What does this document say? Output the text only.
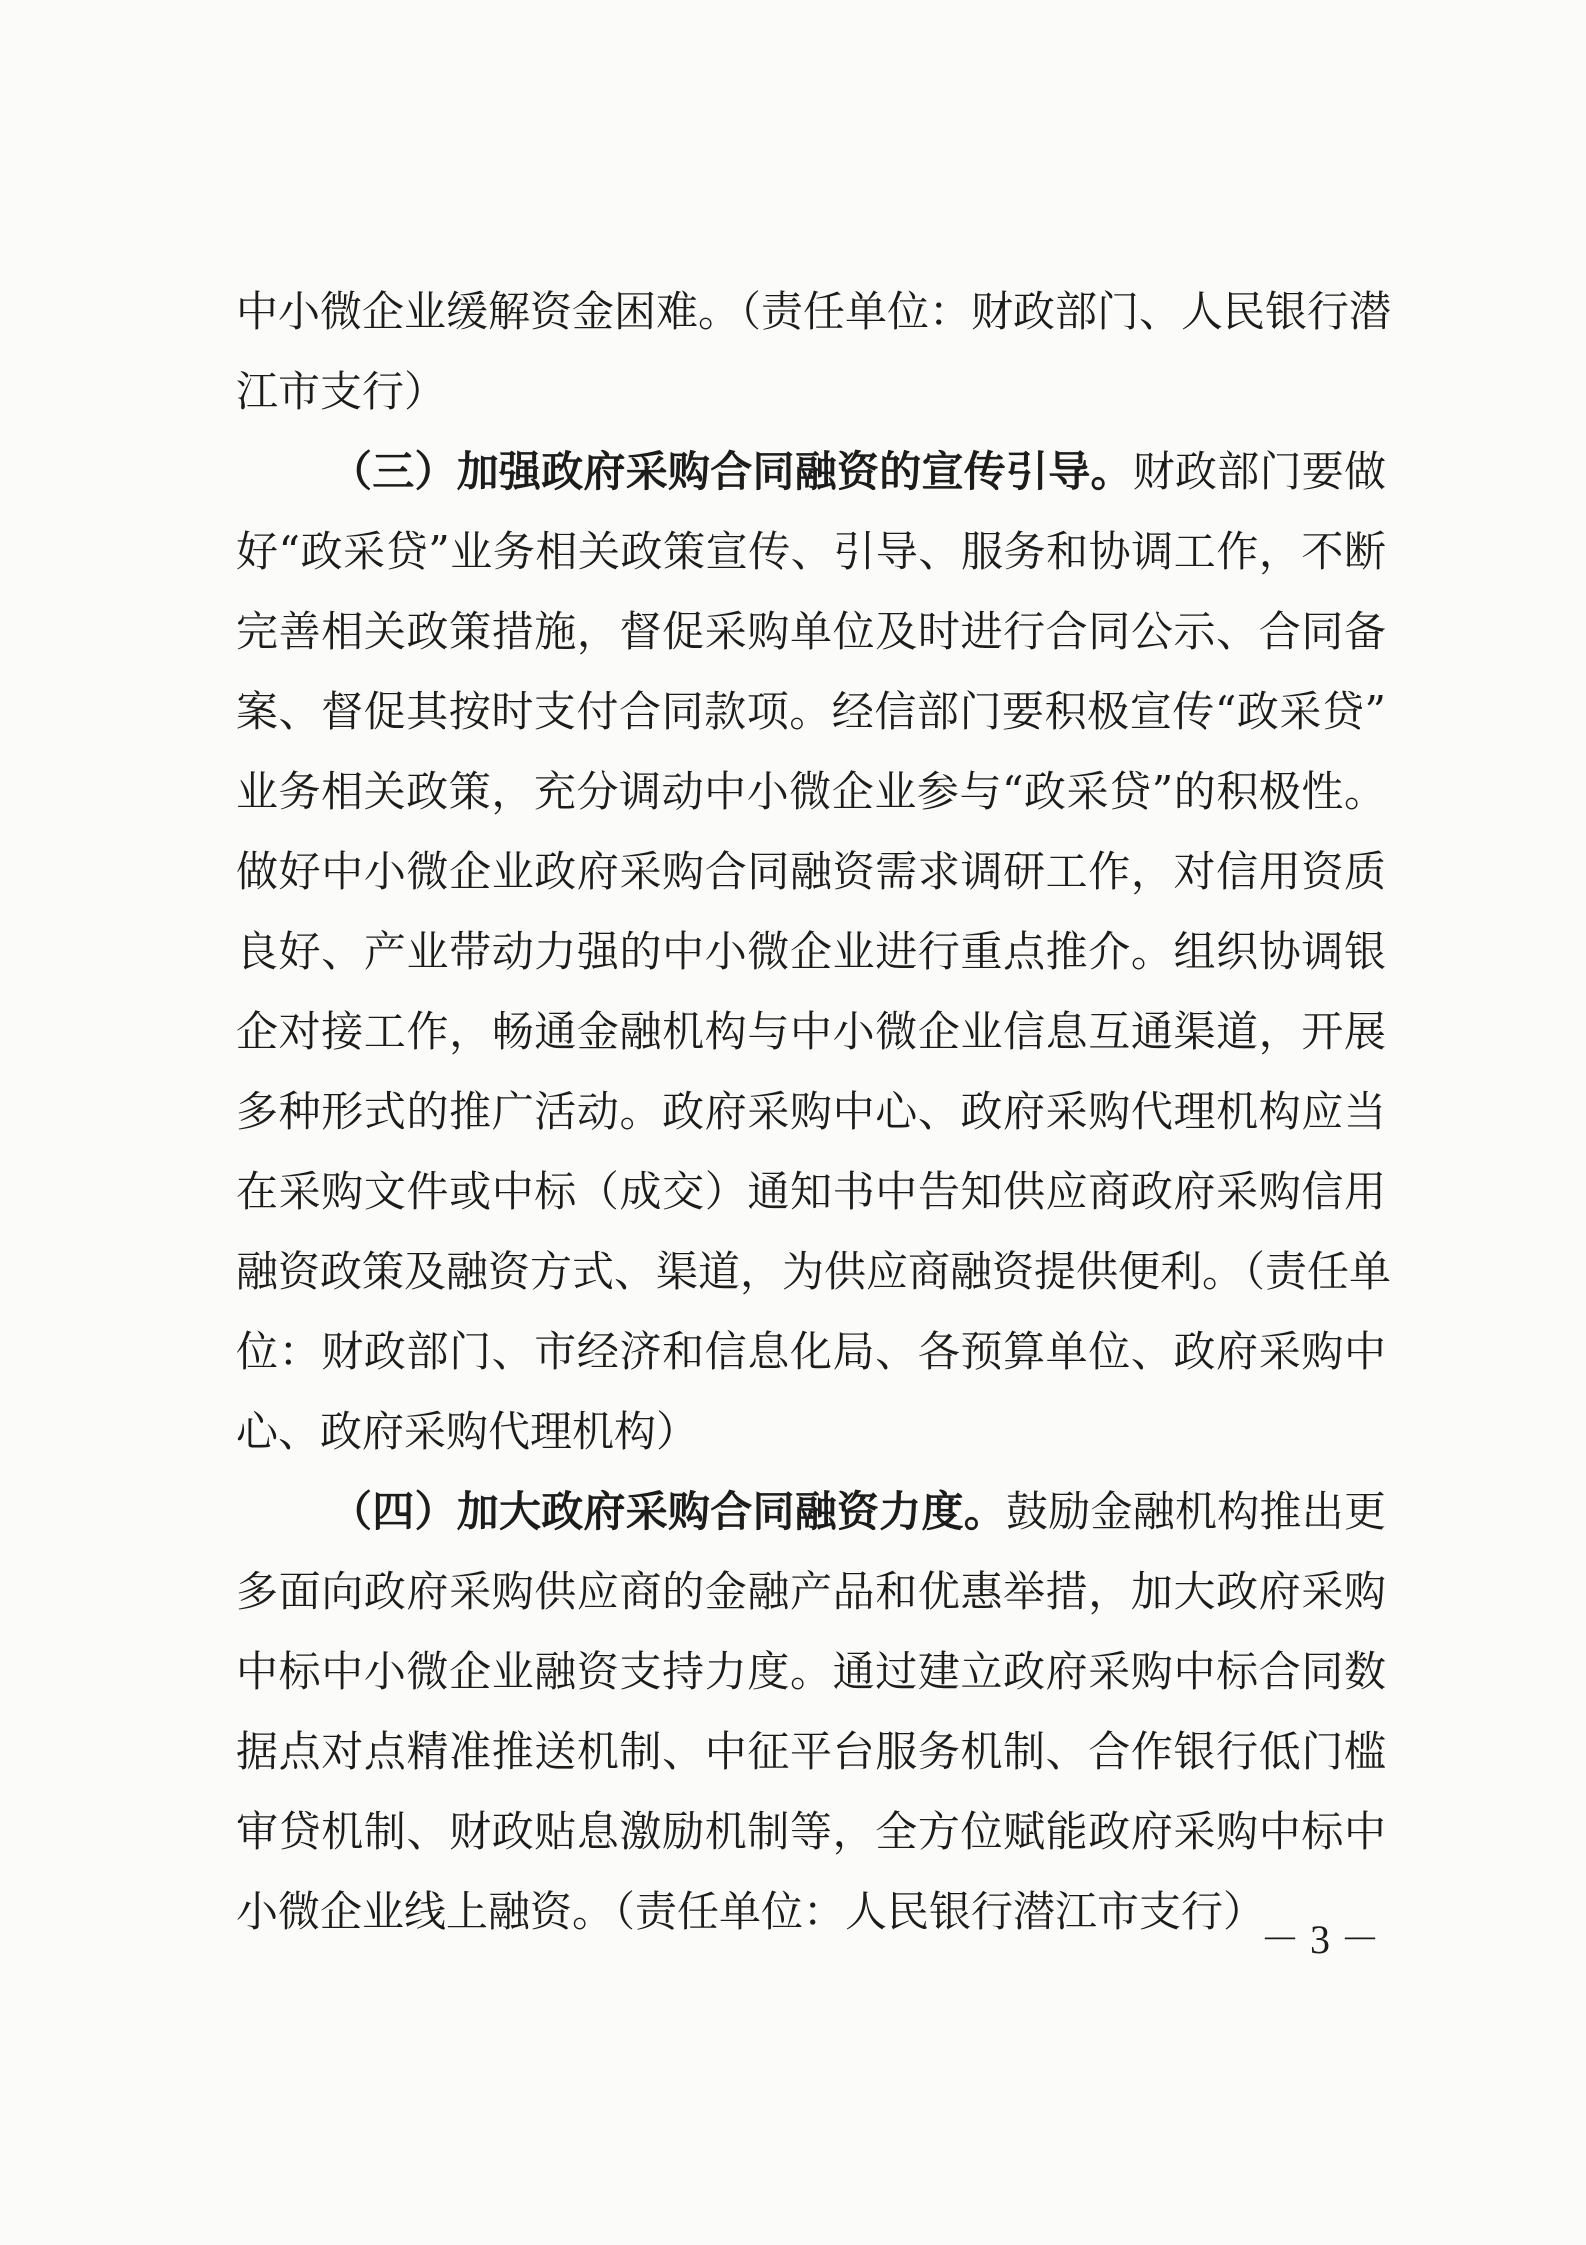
中小微企业缓解资金困难。（责任单位：财政部门、人民银行潜
江市支行）
（三）加强政府采购合同融资的宣传引导。财政部门要做
好“政采贷”业务相关政策宣传、引导、服务和协调工作，不断
完善相关政策措施，督促采购单位及时进行合同公示、合同备
案、督促其按时支付合同款项。经信部门要积极宣传“政采贷”
业务相关政策，充分调动中小微企业参与“政采贷”的积极性。
做好中小微企业政府采购合同融资需求调研工作，对信用资质
良好、产业带动力强的中小微企业进行重点推介。组织协调银
企对接工作，畅通金融机构与中小微企业信息互通渠道，开展
多种形式的推广活动。政府采购中心、政府采购代理机构应当
在采购文件或中标（成交）通知书中告知供应商政府采购信用
融资政策及融资方式、渠道，为供应商融资提供便利。（责任单
位：财政部门、市经济和信息化局、各预算单位、政府采购中
心、政府采购代理机构）
（四）加大政府采购合同融资力度。鼓励金融机构推出更
多面向政府采购供应商的金融产品和优惠举措，加大政府采购
中标中小微企业融资支持力度。通过建立政府采购中标合同数
据点对点精准推送机制、中征平台服务机制、合作银行低门槛
审贷机制、财政贴息激励机制等，全方位赋能政府采购中标中
小微企业线上融资。（责任单位：人民银行潜江市支行）
－ 3 －
